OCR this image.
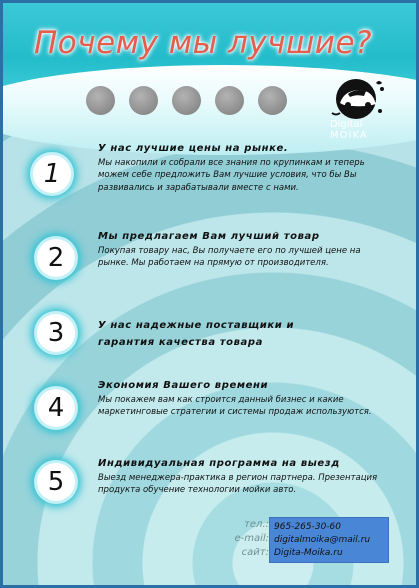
Почему мы лучшие?
Digital
MOIKA
1
У нас лучшие цены на рынке.
Мы накопили и собрали все знания по крупинкам и теперь можем себе предложить Вам лучшие условия, что бы Вы развивались и зарабатывали вместе с нами.
2
Мы предлагаем Вам лучший товар
Покупая товару нас, Вы получаете его по лучшей цене на рынке. Мы работаем на прямую от производителя.
3	У нас надежные поставщики и гарантия качества товара
4
Экономия Вашего времени
Мы покажем вам как строится данный бизнес и какие маркетинговые стратегии и системы продаж используются.
5
Индивидуальная программа на выезд
Выезд менеджера-практика в регион партнера. Презентация продукта обучение технологии мойки авто.
тел.:
e-mail:
сайт:
965-265-30-60
digitalmoika@mail.ru
Digita-Moika.ru
